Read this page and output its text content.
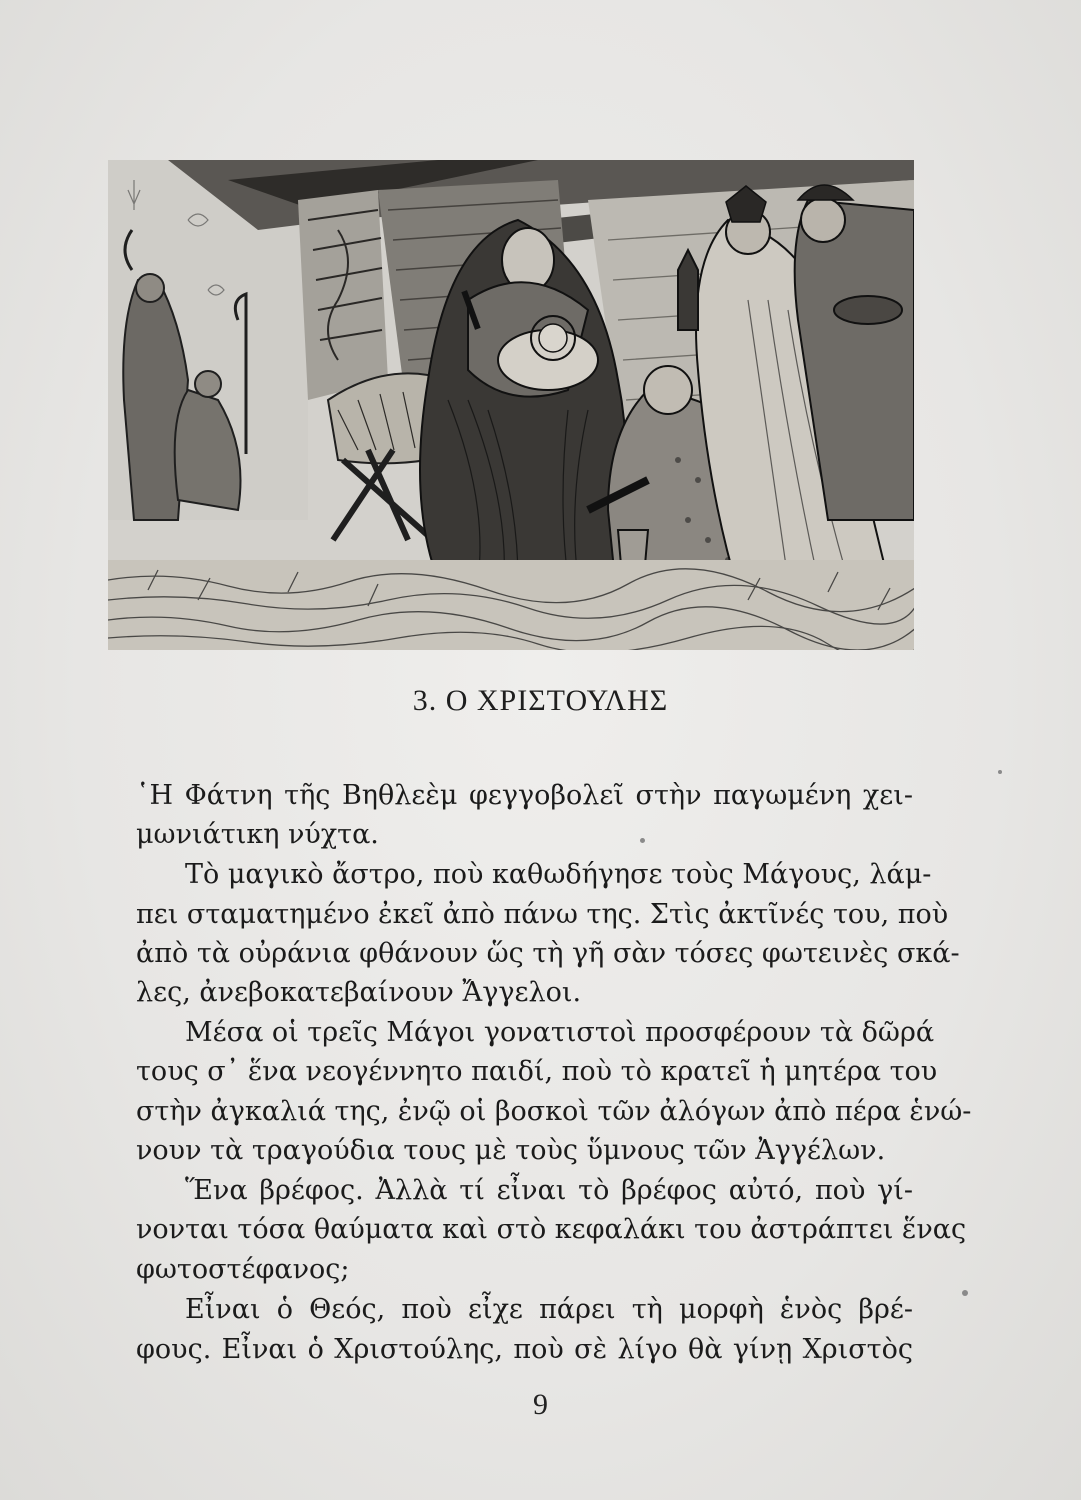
3. Ο ΧΡΙΣΤΟΥΛΗΣ
῾Η Φάτνη τῆς Βηθλεὲμ φεγγοβολεῖ στὴν παγωμένη χει-
μωνιάτικη νύχτα.
Τὸ μαγικὸ ἄστρο, ποὺ καθωδήγησε τοὺς Μάγους, λάμ-
πει σταματημένο ἐκεῖ ἀπὸ πάνω της. Στὶς ἀκτῖνές του, ποὺ
ἀπὸ τὰ οὐράνια φθάνουν ὥς τὴ γῆ σὰν τόσες φωτεινὲς σκά-
λες, ἀνεβοκατεβαίνουν Ἄγγελοι.
Μέσα οἱ τρεῖς Μάγοι γονατιστοὶ προσφέρουν τὰ δῶρά
τους σ᾽ ἕνα νεογέννητο παιδί, ποὺ τὸ κρατεῖ ἡ μητέρα του
στὴν ἀγκαλιά της, ἐνῷ οἱ βοσκοὶ τῶν ἀλόγων ἀπὸ πέρα ἑνώ-
νουν τὰ τραγούδια τους μὲ τοὺς ὕμνους τῶν Ἀγγέλων.
Ἕνα βρέφος. Ἀλλὰ τί εἶναι τὸ βρέφος αὐτό, ποὺ γί-
νονται τόσα θαύματα καὶ στὸ κεφαλάκι του ἀστράπτει ἕνας
φωτοστέφανος;
Εἶναι ὁ Θεός, ποὺ εἶχε πάρει τὴ μορφὴ ἑνὸς βρέ-
φους. Εἶναι ὁ Χριστούλης, ποὺ σὲ λίγο θὰ γίνῃ Χριστὸς
9
